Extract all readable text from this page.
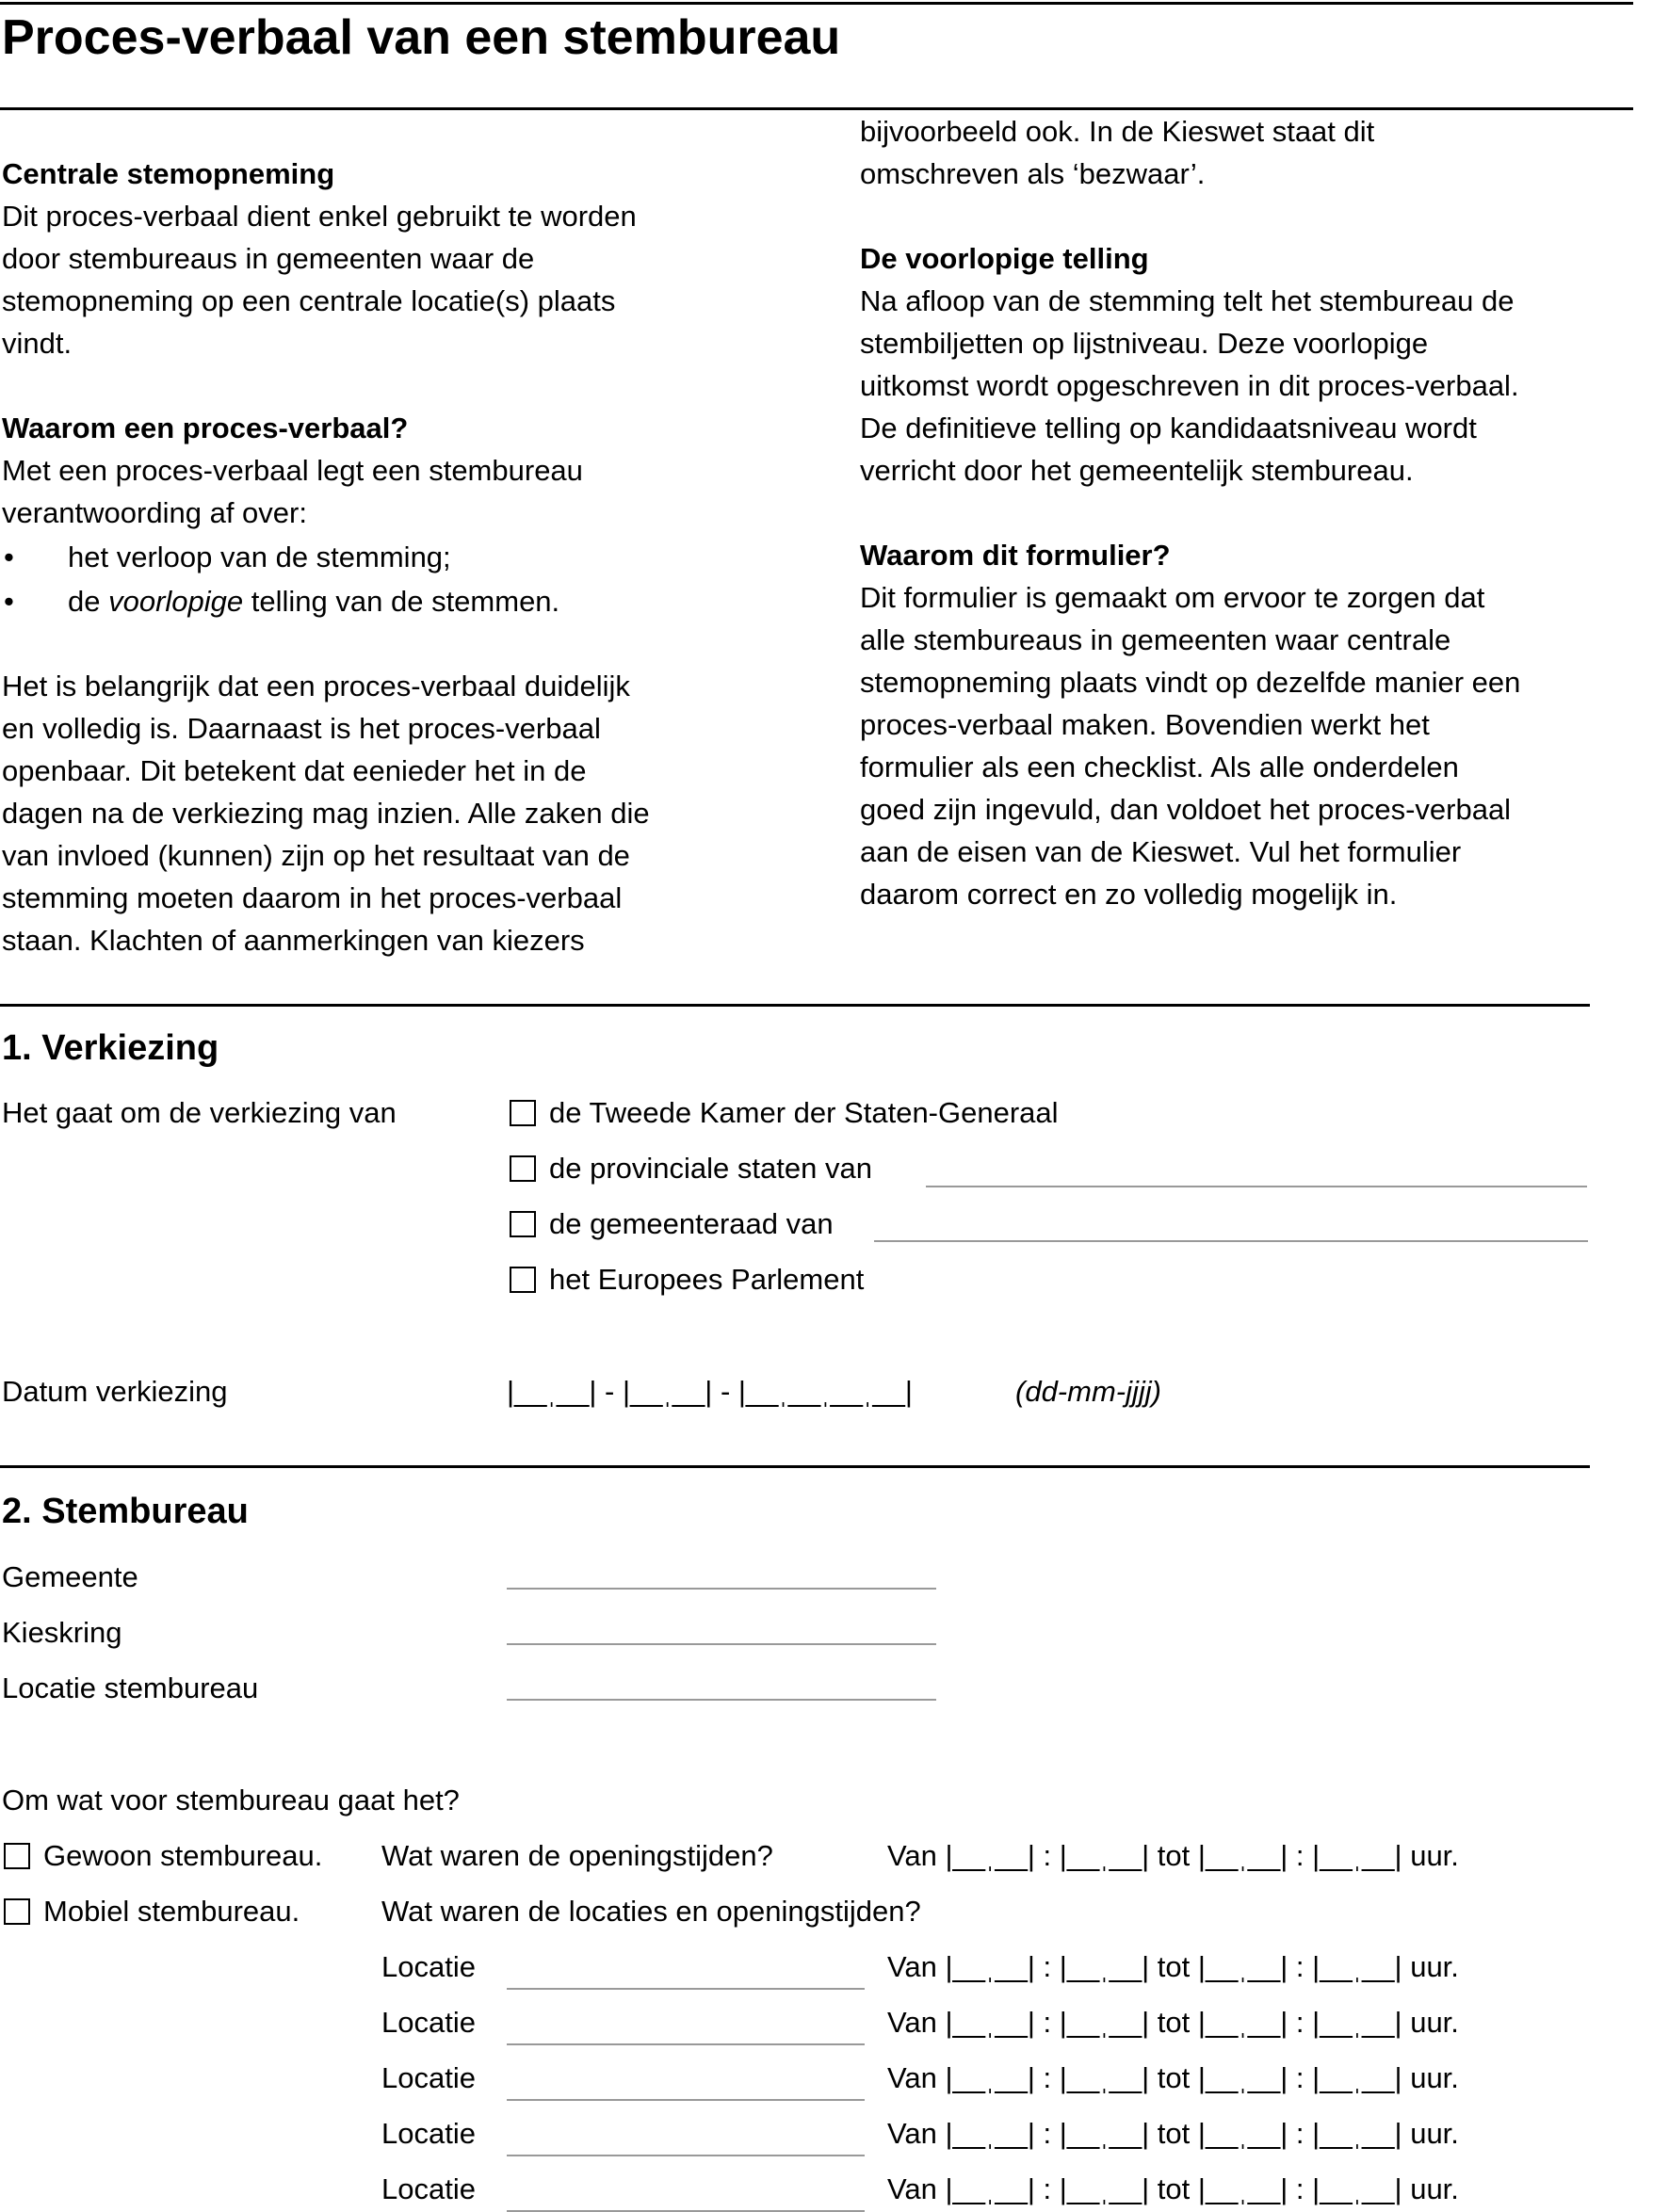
Proces-verbaal van een stembureau

Centrale stemopneming

Dit proces-verbaal dient enkel gebruikt te worden

door stembureaus in gemeenten waar de

stemopneming op een centrale locatie(s) plaats

vindt.

Waarom een proces-verbaal?

Met een proces-verbaal legt een stembureau

verantwoording af over:

•	het verloop van de stemming;
•	de voorlopige telling van de stemmen.

Het is belangrijk dat een proces-verbaal duidelijk

en volledig is. Daarnaast is het proces-verbaal

openbaar. Dit betekent dat eenieder het in de

dagen na de verkiezing mag inzien. Alle zaken die

van invloed (kunnen) zijn op het resultaat van de

stemming moeten daarom in het proces-verbaal

staan. Klachten of aanmerkingen van kiezers

bijvoorbeeld ook. In de Kieswet staat dit

omschreven als ‘bezwaar’.

De voorlopige telling

Na afloop van de stemming telt het stembureau de

stembiljetten op lijstniveau. Deze voorlopige

uitkomst wordt opgeschreven in dit proces-verbaal.

De definitieve telling op kandidaatsniveau wordt

verricht door het gemeentelijk stembureau.

Waarom dit formulier?

Dit formulier is gemaakt om ervoor te zorgen dat

alle stembureaus in gemeenten waar centrale

stemopneming plaats vindt op dezelfde manier een

proces-verbaal maken. Bovendien werkt het

formulier als een checklist. Als alle onderdelen

goed zijn ingevuld, dan voldoet het proces-verbaal

aan de eisen van de Kieswet. Vul het formulier

daarom correct en zo volledig mogelijk in.

1. Verkiezing
Het gaat om de verkiezing van	de Tweede Kamer der Staten-Generaal
de provinciale staten van
de gemeenteraad van
het Europees Parlement
Datum verkiezing	|__ˌ__| - |__ˌ__| - |__ˌ__ˌ__ˌ__|	(dd-mm-jjjj)
2. Stembureau
Gemeente
Kieskring
Locatie stembureau
Om wat voor stembureau gaat het?
Gewoon stembureau. Wat waren de openingstijden?	Van |__ˌ__| : |__ˌ__| tot |__ˌ__| : |__ˌ__| uur.
Mobiel stembureau.	Wat waren de locaties en openingstijden?
Locatie	Van |__ˌ__| : |__ˌ__| tot |__ˌ__| : |__ˌ__| uur.
Locatie	Van |__ˌ__| : |__ˌ__| tot |__ˌ__| : |__ˌ__| uur.
Locatie	Van |__ˌ__| : |__ˌ__| tot |__ˌ__| : |__ˌ__| uur.
Locatie	Van |__ˌ__| : |__ˌ__| tot |__ˌ__| : |__ˌ__| uur.
Locatie	Van |__ˌ__| : |__ˌ__| tot |__ˌ__| : |__ˌ__| uur.
